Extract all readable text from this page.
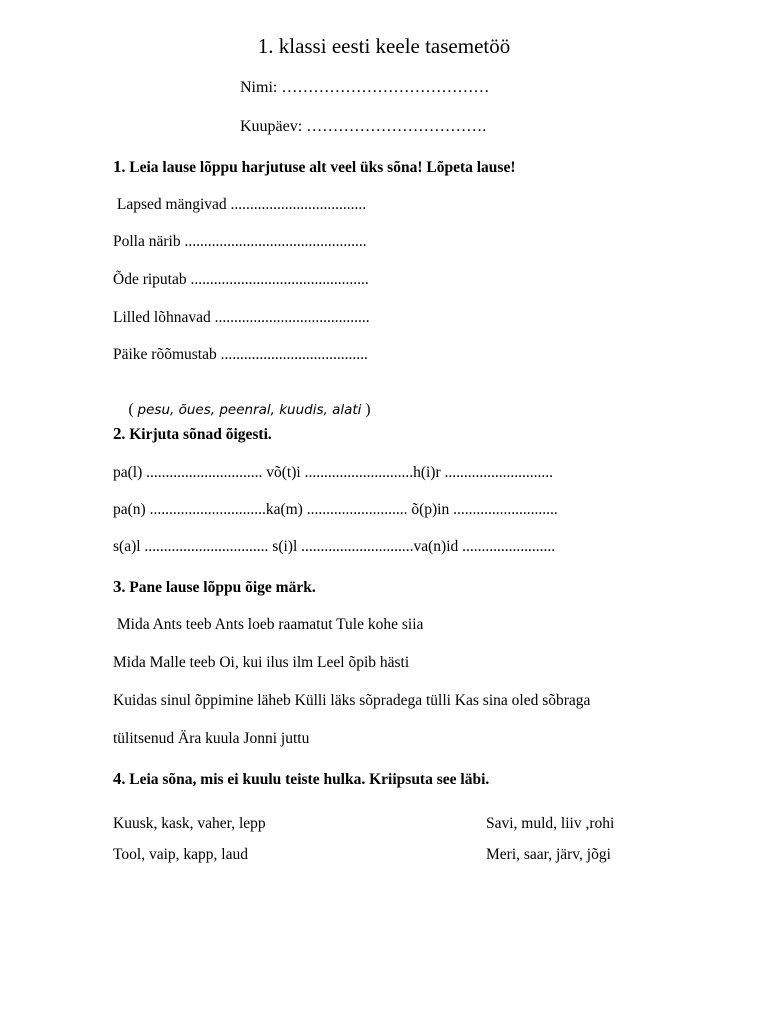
1. klassi eesti keele tasemetöö
Nimi: …………………………………
Kuupäev: …………………………….
1. Leia lause lõppu harjutuse alt veel üks sõna! Lõpeta lause!
Lapsed mängivad ...................................
Polla närib ...............................................
Õde riputab ..............................................
Lilled lõhnavad ........................................
Päike rõõmustab ......................................

( pesu, õues, peenral, kuudis, alati )

2. Kirjuta sõnad õigesti.
pa(l) .............................. võ(t)i ............................h(i)r ............................
pa(n) ..............................ka(m) .......................... õ(p)in ...........................
s(a)l ................................ s(i)l .............................va(n)id ........................
3. Pane lause lõppu õige märk.
Mida Ants teeb Ants loeb raamatut Tule kohe siia
Mida Malle teeb Oi, kui ilus ilm Leel õpib hästi
Kuidas sinul õppimine läheb Külli läks sõpradega tülli Kas sina oled sõbraga
tülitsenud Ära kuula Jonni juttu
4. Leia sõna, mis ei kuulu teiste hulka. Kriipsuta see läbi.
Kuusk, kask, vaher, lepp
Tool, vaip, kapp, laud
Savi, muld, liiv ,rohi
Meri, saar, järv, jõgi
